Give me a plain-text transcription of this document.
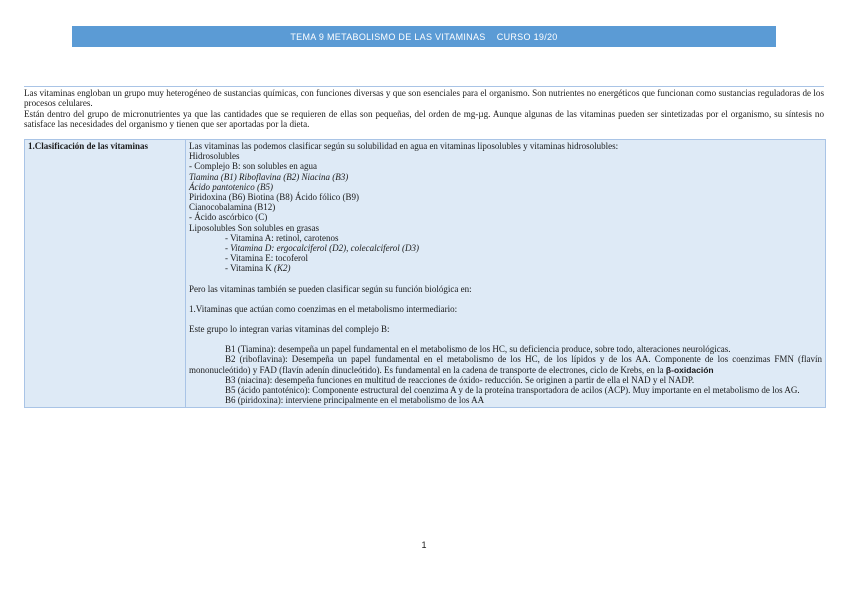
TEMA 9 METABOLISMO DE LAS VITAMINAS    CURSO 19/20

Las vitaminas engloban un grupo muy heterogéneo de sustancias químicas, con funciones diversas y que son esenciales para el organismo. Son nutrientes no energéticos que funcionan como sustancias reguladoras de los procesos celulares.

Están dentro del grupo de micronutrientes ya que las cantidades que se requieren de ellas son pequeñas, del orden de mg-µg. Aunque algunas de las vitaminas pueden ser sintetizadas por el organismo, su síntesis no satisface las necesidades del organismo y tienen que ser aportadas por la dieta.

1.Clasificación de las vitaminas	Las vitaminas las podemos clasificar según su solubilidad en agua en vitaminas liposolubles y vitaminas hidrosolubles:
Hidrosolubles
- Complejo B: son solubles en agua
Tiamina (B1) Riboflavina (B2) Niacina (B3)
Ácido pantotenico (B5)
Piridoxina (B6) Biotina (B8) Ácido fólico (B9)
Cianocobalamina (B12)
- Ácido ascórbico (C)
Liposolubles Son solubles en grasas
- Vitamina A: retinol, carotenos
- Vitamina D: ergocalciferol (D2), colecalciferol (D3)
- Vitamina E: tocoferol
- Vitamina K (K2)
Pero las vitaminas también se pueden clasificar según su función biológica en:
1.Vitaminas que actúan como coenzimas en el metabolismo intermediario:
Este grupo lo integran varias vitaminas del complejo B:
B1 (Tiamina): desempeña un papel fundamental en el metabolismo de los HC, su deficiencia produce, sobre todo, alteraciones neurológicas.
B2 (riboflavina): Desempeña un papel fundamental en el metabolismo de los HC, de los lípidos y de los AA. Componente de los coenzimas FMN (flavín mononucleótido) y FAD (flavín adenín dinucleótido). Es fundamental en la cadena de transporte de electrones, ciclo de Krebs, en la β-oxidación
B3 (niacina): desempeña funciones en multitud de reacciones de óxido- reducción. Se originen a partir de ella el NAD y el NADP.
B5 (ácido pantoténico): Componente estructural del coenzima A y de la proteína transportadora de acilos (ACP). Muy importante en el metabolismo de los AG.
B6 (piridoxina): interviene principalmente en el metabolismo de los AA
1
